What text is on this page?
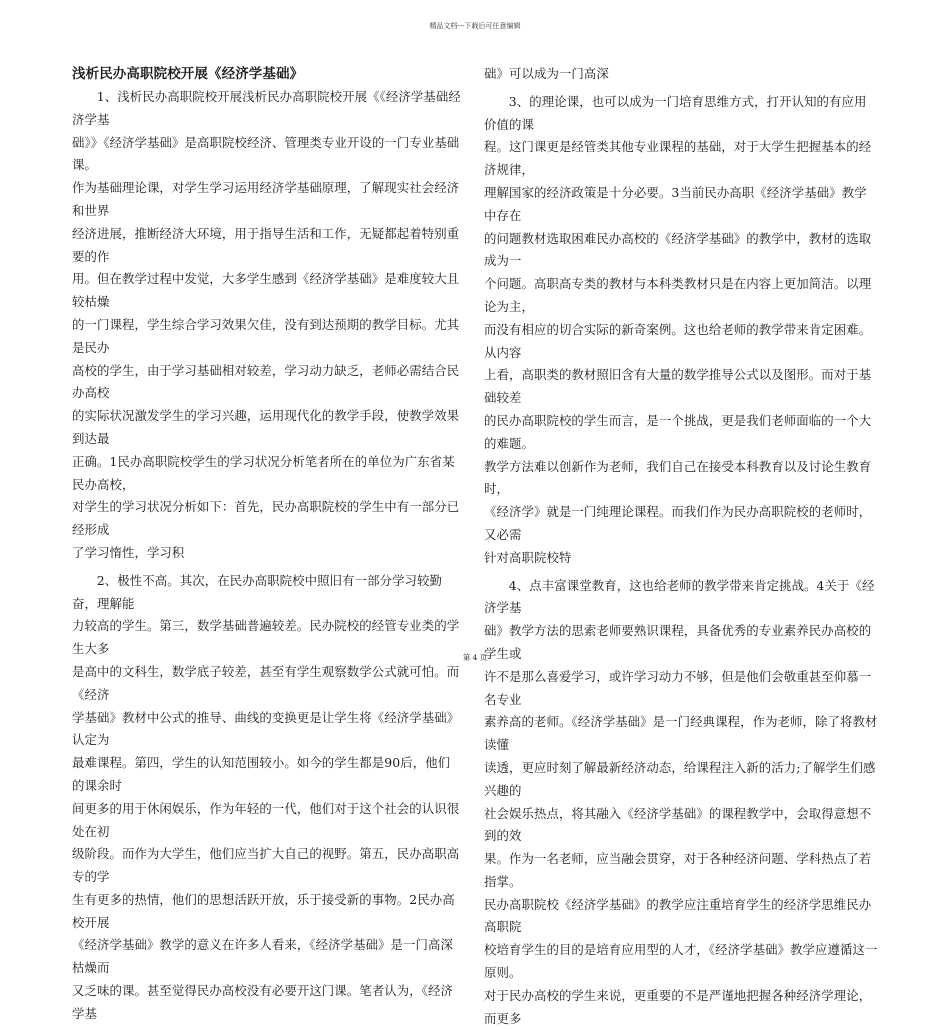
精品文档---下载后可任意编辑

浅析民办高职院校开展《经济学基础》

1、浅析民办高职院校开展浅析民办高职院校开展《《经济学基础经济学基
础》》《经济学基础》是高职院校经济、管理类专业开设的一门专业基础课。
作为基础理论课，对学生学习运用经济学基础原理，了解现实社会经济和世界
经济进展，推断经济大环境，用于指导生活和工作，无疑都起着特别重要的作
用。但在教学过程中发觉，大多学生感到《经济学基础》是难度较大且较枯燥
的一门课程，学生综合学习效果欠佳，没有到达预期的教学目标。尤其是民办
高校的学生，由于学习基础相对较差，学习动力缺乏，老师必需结合民办高校
的实际状况激发学生的学习兴趣，运用现代化的教学手段，使教学效果到达最
正确。1民办高职院校学生的学习状况分析笔者所在的单位为广东省某民办高校，
对学生的学习状况分析如下：首先，民办高职院校的学生中有一部分已经形成
了学习惰性，学习积
2、极性不高。其次，在民办高职院校中照旧有一部分学习较勤奋，理解能
力较高的学生。第三，数学基础普遍较差。民办院校的经管专业类的学生大多
是高中的文科生，数学底子较差，甚至有学生观察数学公式就可怕。而《经济
学基础》教材中公式的推导、曲线的变换更是让学生将《经济学基础》认定为
最难课程。第四，学生的认知范围较小。如今的学生都是90后，他们的课余时
间更多的用于休闲娱乐，作为年轻的一代，他们对于这个社会的认识很处在初
级阶段。而作为大学生，他们应当扩大自己的视野。第五，民办高职高专的学
生有更多的热情，他们的思想活跃开放，乐于接受新的事物。2民办高校开展
《经济学基础》教学的意义在许多人看来，《经济学基础》是一门高深枯燥而
又乏味的课。甚至觉得民办高校没有必要开这门课。笔者认为，《经济学基
础》可以成为一门高深
3、的理论课，也可以成为一门培育思维方式，打开认知的有应用价值的课
程。这门课更是经管类其他专业课程的基础，对于大学生把握基本的经济规律，
理解国家的经济政策是十分必要。3当前民办高职《经济学基础》教学中存在
的问题教材选取困难民办高校的《经济学基础》的教学中，教材的选取成为一
个问题。高职高专类的教材与本科类教材只是在内容上更加简洁。以理论为主，
而没有相应的切合实际的新奇案例。这也给老师的教学带来肯定困难。从内容
上看，高职类的教材照旧含有大量的数学推导公式以及图形。而对于基础较差
的民办高职院校的学生而言，是一个挑战，更是我们老师面临的一个大的难题。
教学方法难以创新作为老师，我们自己在接受本科教育以及讨论生教育时，
《经济学》就是一门纯理论课程。而我们作为民办高职院校的老师时，又必需
针对高职院校特
4、点丰富课堂教育，这也给老师的教学带来肯定挑战。4关于《经济学基
础》教学方法的思索老师要熟识课程，具备优秀的专业素养民办高校的学生或
许不是那么喜爱学习，或许学习动力不够，但是他们会敬重甚至仰慕一名专业
素养高的老师。《经济学基础》是一门经典课程，作为老师，除了将教材读懂
读透，更应时刻了解最新经济动态，给课程注入新的活力;了解学生们感兴趣的
社会娱乐热点，将其融入《经济学基础》的课程教学中，会取得意想不到的效
果。作为一名老师，应当融会贯穿，对于各种经济问题、学科热点了若指掌。
民办高职院校《经济学基础》的教学应注重培育学生的经济学思维民办高职院
校培育学生的目的是培育应用型的人才，《经济学基础》教学应遵循这一原则。
对于民办高校的学生来说，更重要的不是严谨地把握各种经济学理论，而更多
第 4 页
